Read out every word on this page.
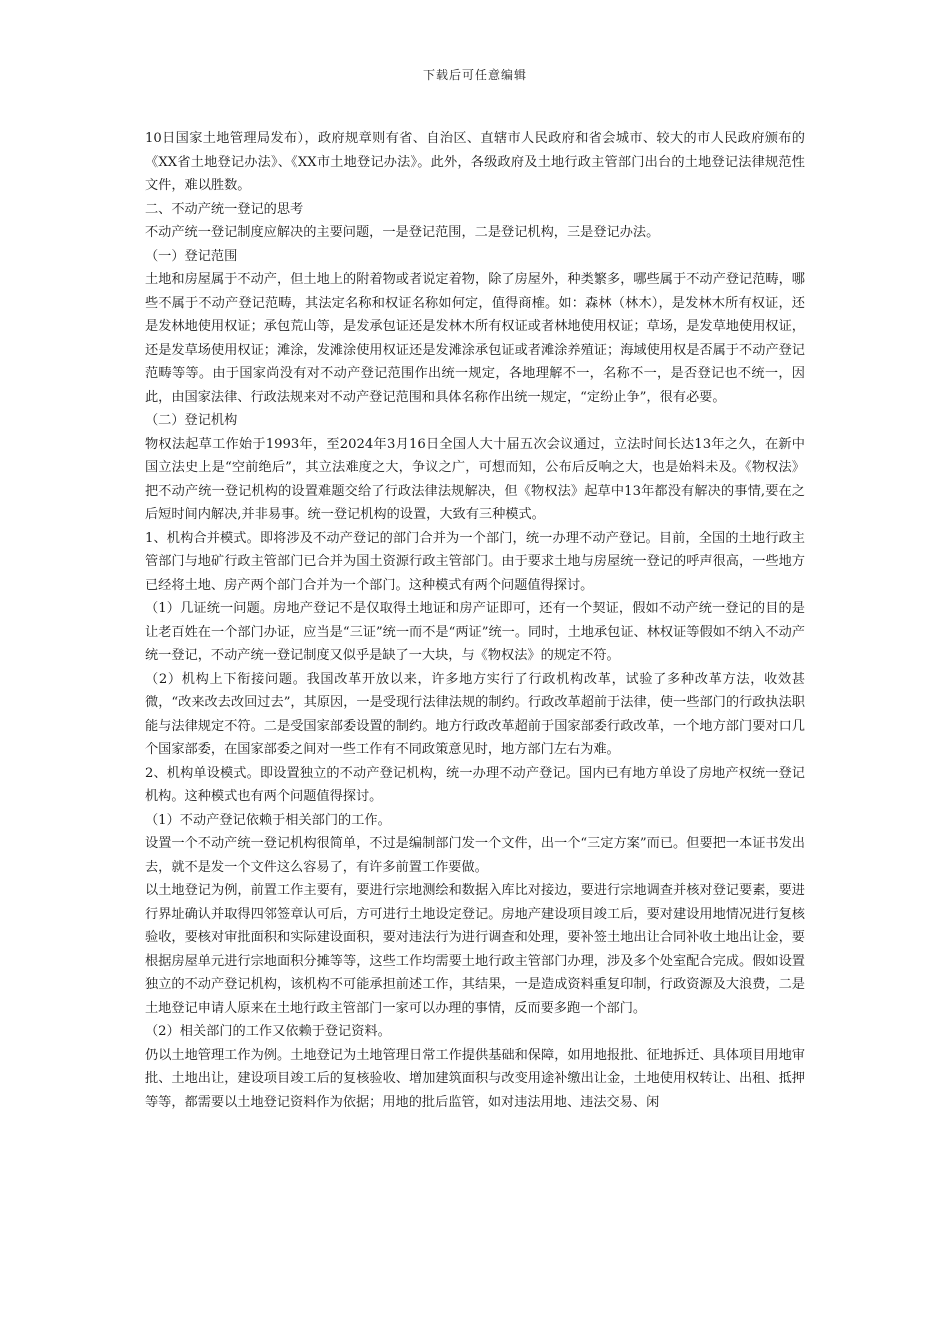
下载后可任意编辑

10日国家土地管理局发布），政府规章则有省、自治区、直辖市人民政府和省会城市、较大的市人民政府颁布的《XX省土地登记办法》、《XX市土地登记办法》。此外，各级政府及土地行政主管部门出台的土地登记法律规范性文件，难以胜数。

二、不动产统一登记的思考

不动产统一登记制度应解决的主要问题，一是登记范围，二是登记机构，三是登记办法。

（一）登记范围

土地和房屋属于不动产，但土地上的附着物或者说定着物，除了房屋外，种类繁多，哪些属于不动产登记范畴，哪些不属于不动产登记范畴，其法定名称和权证名称如何定，值得商榷。如：森林（林木），是发林木所有权证，还是发林地使用权证；承包荒山等，是发承包证还是发林木所有权证或者林地使用权证；草场，是发草地使用权证，还是发草场使用权证；滩涂，发滩涂使用权证还是发滩涂承包证或者滩涂养殖证；海域使用权是否属于不动产登记范畴等等。由于国家尚没有对不动产登记范围作出统一规定，各地理解不一，名称不一，是否登记也不统一，因此，由国家法律、行政法规来对不动产登记范围和具体名称作出统一规定，“定纷止争”，很有必要。

（二）登记机构

物权法起草工作始于1993年，至2024年3月16日全国人大十届五次会议通过，立法时间长达13年之久，在新中国立法史上是“空前绝后”，其立法难度之大，争议之广，可想而知，公布后反响之大，也是始料未及。《物权法》把不动产统一登记机构的设置难题交给了行政法律法规解决，但《物权法》起草中13年都没有解决的事情,要在之后短时间内解决,并非易事。统一登记机构的设置，大致有三种模式。

1、机构合并模式。即将涉及不动产登记的部门合并为一个部门，统一办理不动产登记。目前，全国的土地行政主管部门与地矿行政主管部门已合并为国土资源行政主管部门。由于要求土地与房屋统一登记的呼声很高，一些地方已经将土地、房产两个部门合并为一个部门。这种模式有两个问题值得探讨。

（1）几证统一问题。房地产登记不是仅取得土地证和房产证即可，还有一个契证，假如不动产统一登记的目的是让老百姓在一个部门办证，应当是“三证”统一而不是“两证”统一。同时，土地承包证、林权证等假如不纳入不动产统一登记，不动产统一登记制度又似乎是缺了一大块，与《物权法》的规定不符。

（2）机构上下衔接问题。我国改革开放以来，许多地方实行了行政机构改革，试验了多种改革方法，收效甚微，“改来改去改回过去”，其原因，一是受现行法律法规的制约。行政改革超前于法律，使一些部门的行政执法职能与法律规定不符。二是受国家部委设置的制约。地方行政改革超前于国家部委行政改革，一个地方部门要对口几个国家部委，在国家部委之间对一些工作有不同政策意见时，地方部门左右为难。

2、机构单设模式。即设置独立的不动产登记机构，统一办理不动产登记。国内已有地方单设了房地产权统一登记机构。这种模式也有两个问题值得探讨。

（1）不动产登记依赖于相关部门的工作。

设置一个不动产统一登记机构很简单，不过是编制部门发一个文件，出一个“三定方案”而已。但要把一本证书发出去，就不是发一个文件这么容易了，有许多前置工作要做。

以土地登记为例，前置工作主要有，要进行宗地测绘和数据入库比对接边，要进行宗地调查并核对登记要素，要进行界址确认并取得四邻签章认可后，方可进行土地设定登记。房地产建设项目竣工后，要对建设用地情况进行复核验收，要核对审批面积和实际建设面积，要对违法行为进行调查和处理，要补签土地出让合同补收土地出让金，要根据房屋单元进行宗地面积分摊等等，这些工作均需要土地行政主管部门办理，涉及多个处室配合完成。假如设置独立的不动产登记机构，该机构不可能承担前述工作，其结果，一是造成资料重复印制，行政资源及大浪费，二是土地登记申请人原来在土地行政主管部门一家可以办理的事情，反而要多跑一个部门。

（2）相关部门的工作又依赖于登记资料。

仍以土地管理工作为例。土地登记为土地管理日常工作提供基础和保障，如用地报批、征地拆迁、具体项目用地审批、土地出让，建设项目竣工后的复核验收、增加建筑面积与改变用途补缴出让金，土地使用权转让、出租、抵押等等，都需要以土地登记资料作为依据；用地的批后监管，如对违法用地、违法交易、闲
